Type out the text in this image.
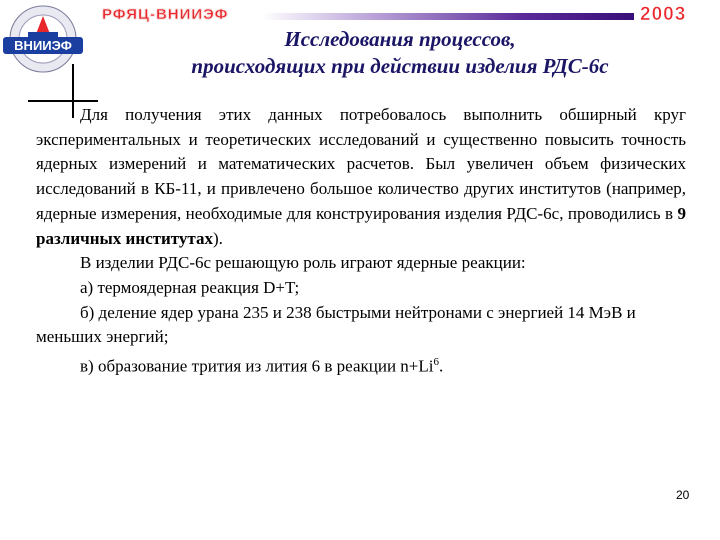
ВНИИЭФ
РФЯЦ-ВНИИЭФ	2003
Исследования процессов,
происходящих при действии изделия РДС-6с

Для получения этих данных потребовалось выполнить обширный круг экспериментальных и теоретических исследований и существенно повысить точность ядерных измерений и математических расчетов. Был увеличен объем физических исследований в КБ-11, и привлечено большое количество других институтов (например, ядерные измерения, необходимые для конструирования изделия РДС-6с, проводились в 9 различных институтах).

В изделии РДС-6с решающую роль играют ядерные реакции:

а) термоядерная реакция D+T;

б) деление ядер урана 235 и 238 быстрыми нейтронами с энергией 14 МэВ и меньших энергий;

в) образование трития из лития 6 в реакции $n+Li^6$.

20
